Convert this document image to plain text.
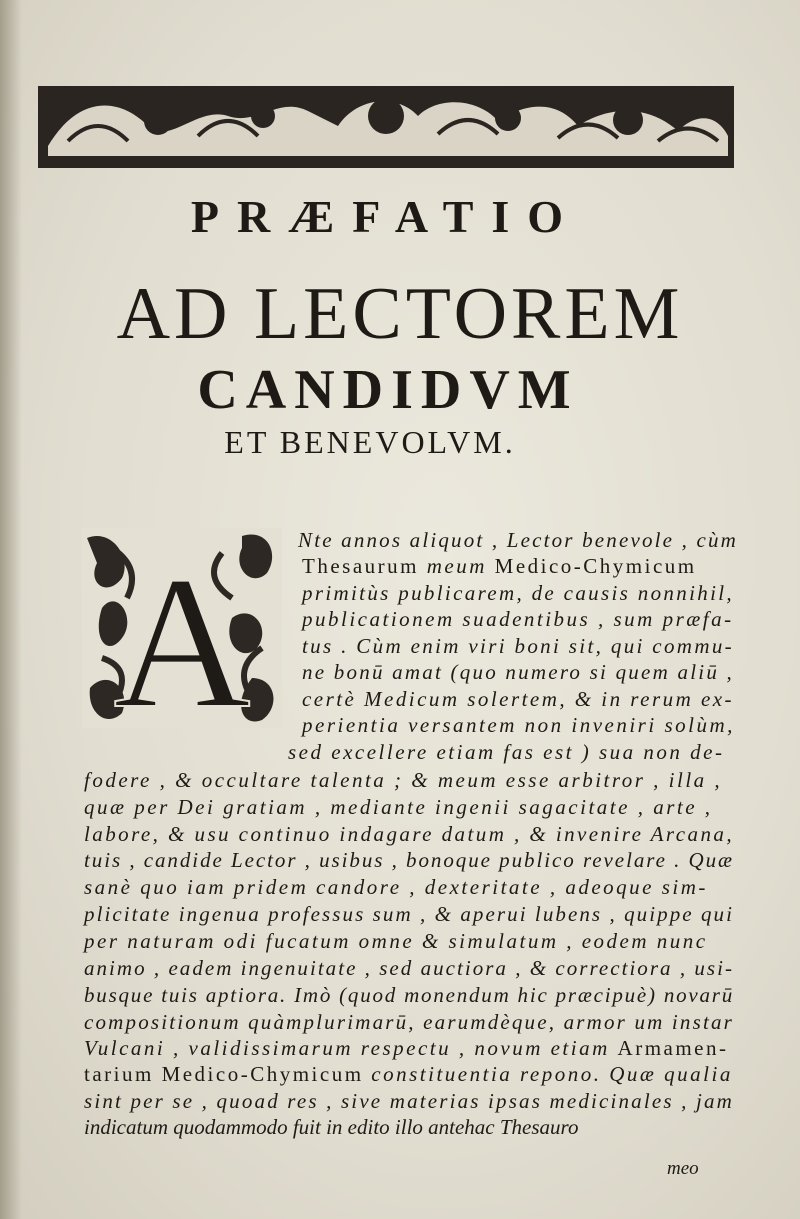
PRÆFATIO
AD LECTOREM
CANDIDVM
ET BENEVOLVM.
A Nte annos aliquot , Lector benevole , cùm
Thesaurum meum Medico-Chymicum
primitùs publicarem, de causis nonnihil,
publicationem suadentibus , sum præfa-
tus . Cùm enim viri boni sit, qui commu-
ne bonū amat (quo numero si quem aliū ,
certè Medicum solertem, & in rerum ex-
perientia versantem non inveniri solùm,
sed excellere etiam fas est ) sua non de-
fodere , & occultare talenta ; & meum esse arbitror , illa ,
quæ per Dei gratiam , mediante ingenii sagacitate , arte ,
labore, & usu continuo indagare datum , & invenire Arcana,
tuis , candide Lector , usibus , bonoque publico revelare . Quæ
sanè quo iam pridem candore , dexteritate , adeoque sim-
plicitate ingenua professus sum , & aperui lubens , quippe qui
per naturam odi fucatum omne & simulatum , eodem nunc
animo , eadem ingenuitate , sed auctiora , & correctiora , usi-
busque tuis aptiora. Imò (quod monendum hic præcipuè) novarū
compositionum quàmplurimarū, earumdèque, armor um instar
Vulcani , validissimarum respectu , novum etiam Armamen-
tarium Medico-Chymicum constituentia repono. Quæ qualia
sint per se , quoad res , sive materias ipsas medicinales , jam
indicatum quodammodo fuit in edito illo antehac Thesauro
meo
